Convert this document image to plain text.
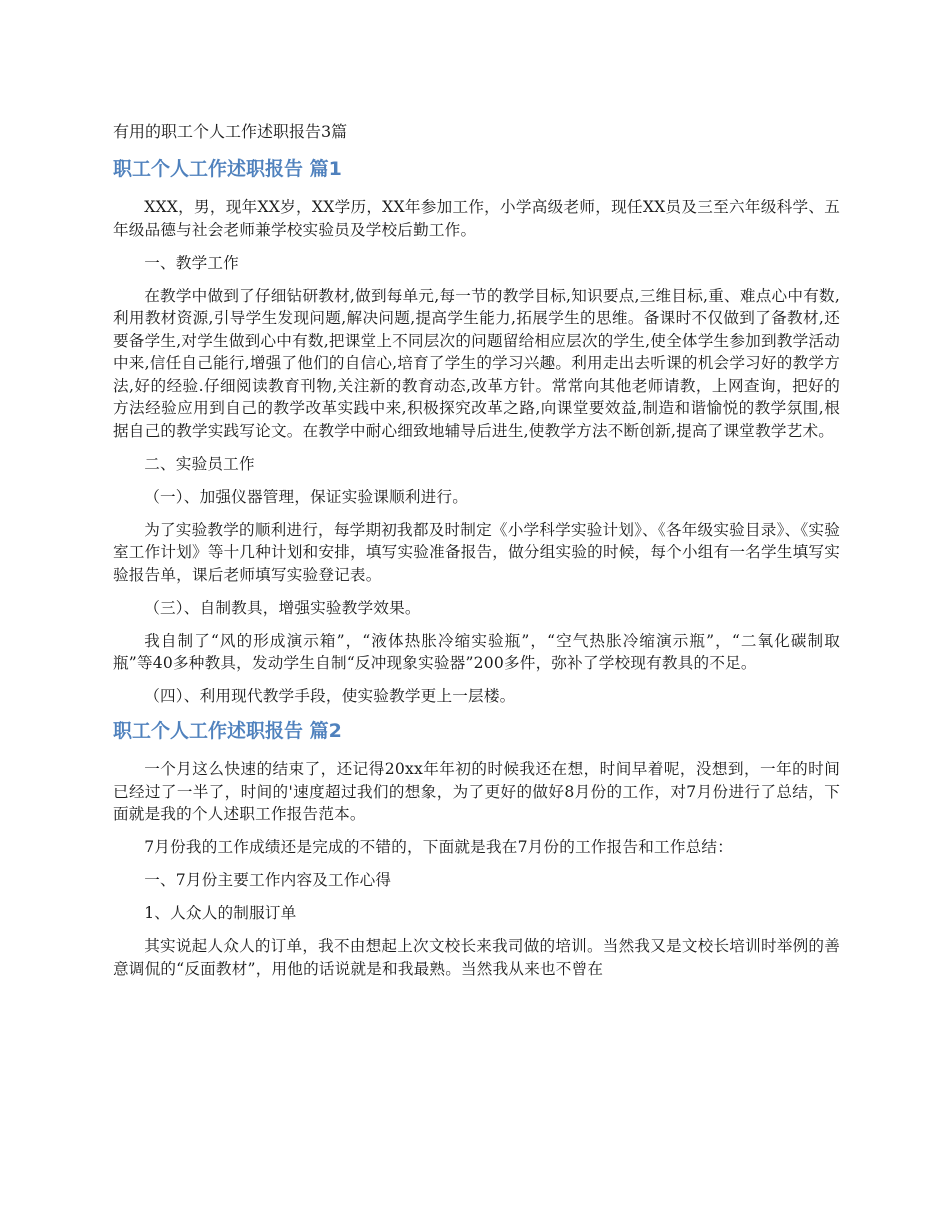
有用的职工个人工作述职报告3篇
职工个人工作述职报告 篇1

XXX，男，现年XX岁，XX学历，XX年参加工作，小学高级老师，现任XX员及三至六年级科学、五年级品德与社会老师兼学校实验员及学校后勤工作。

一、教学工作

在教学中做到了仔细钻研教材,做到每单元,每一节的教学目标,知识要点,三维目标,重、难点心中有数,利用教材资源,引导学生发现问题,解决问题,提高学生能力,拓展学生的思维。备课时不仅做到了备教材,还要备学生,对学生做到心中有数,把课堂上不同层次的问题留给相应层次的学生,使全体学生参加到教学活动中来,信任自己能行,增强了他们的自信心,培育了学生的学习兴趣。利用走出去听课的机会学习好的教学方法,好的经验.仔细阅读教育刊物,关注新的教育动态,改革方针。常常向其他老师请教，上网查询，把好的方法经验应用到自己的教学改革实践中来,积极探究改革之路,向课堂要效益,制造和谐愉悦的教学氛围,根据自己的教学实践写论文。在教学中耐心细致地辅导后进生,使教学方法不断创新,提高了课堂教学艺术。

二、实验员工作

（一）、加强仪器管理，保证实验课顺利进行。

为了实验教学的顺利进行，每学期初我都及时制定《小学科学实验计划》、《各年级实验目录》、《实验室工作计划》等十几种计划和安排，填写实验准备报告，做分组实验的时候，每个小组有一名学生填写实验报告单，课后老师填写实验登记表。

（三）、自制教具，增强实验教学效果。

我自制了“风的形成演示箱”，“液体热胀冷缩实验瓶”，“空气热胀冷缩演示瓶”，“二氧化碳制取瓶”等40多种教具，发动学生自制“反冲现象实验器”200多件，弥补了学校现有教具的不足。

（四）、利用现代教学手段，使实验教学更上一层楼。

职工个人工作述职报告 篇2

一个月这么快速的结束了，还记得20xx年年初的时候我还在想，时间早着呢，没想到，一年的时间已经过了一半了，时间的'速度超过我们的想象，为了更好的做好8月份的工作，对7月份进行了总结，下面就是我的个人述职工作报告范本。

7月份我的工作成绩还是完成的不错的，下面就是我在7月份的工作报告和工作总结：

一、7月份主要工作内容及工作心得

1、人众人的制服订单

其实说起人众人的订单，我不由想起上次文校长来我司做的培训。当然我又是文校长培训时举例的善意调侃的“反面教材”，用他的话说就是和我最熟。当然我从来也不曾在
